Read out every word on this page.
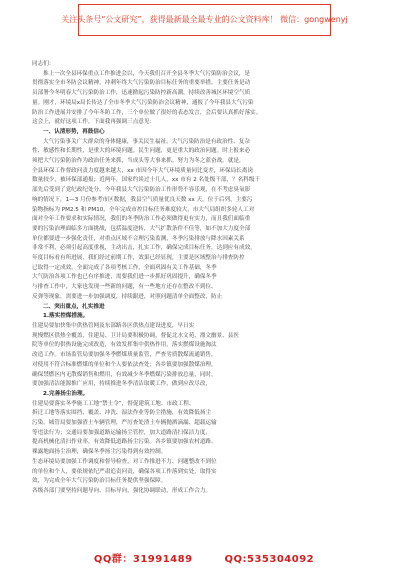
关注头条号“公文研究”，获得最新最全最专业的公文资料库！ 微信：gongwenyj
同志们：
推上一次全县环保重点工作推进会以，今天我们召开全县冬季大气污染防治会议，是
贯彻落实全市冬防会议精神，冲刺年终大气污染防治目标任务的重要举措，主要任务是动
员部署今冬明春大气污染防治工作，迅速掀起污染防控新高潮，持续改善城区环境空气质
量。刚才，环境局x局长传达了全市冬季大气污染防治会议精神，通报了今年我县大气污染
防治工作进展并安排了今年冬防工作，三个单位做了很好的表态发言，会后要认真抓好落实。
这会上，就好这项工作，下面我再强调三点意见：
一、认清形势，再鼓信心
大气污染事关广大群众的身体健康，事关民生福祉。大气污染防治是有政治性、复杂
性、敏感性和长期性，是重大的环境问题。民生问题，更是重大的政治问题。时上报来必
须把大气污染防治作为政治任务来抓，当成头等大事来抓。努力为冬之蓝奋战。就是，
全县环保工作督政问责力度越来越大，xx 市因今年大气环境质量同比变差，环保局长离岗
数量较少，被环保部通报；近两年，国家约谈过十几人，xx 市有 2 名处级干部，？名科级干
部先后受到了党纪政纪处分，今年我县大气污染防治工作形势不容乐观，在不考虑臭氧影
响的情况下，1—3 月份参考市区数据，我县空气质量优良天数 xx 天，位于后列，主要污
染物指标为 PM2.5 和 PM10，全年完成市控目标任务难度较大，市大气局组织多轮人工对
面对全年工作要求和实际情况，我们的冬季防治工作必须做得更有实力，而且我们面临重
要的污染治理面临多方面挑战，包括温度逆转，大气扩散条件不佳等，如不加大力度全部
单位都要进一步强化责任，对重点区域不合理污染监测，冬季污染排放与降水因素关系
非常不利，必须引起高度重视，主动出击，扎实工作，确保完成目标任务，达到应有成效。
年度目标看有所进展，我们经过前期工作，效果已经显现，主要是区域整治与排查防控
已取得一定成效，全面完成了各项考核工作，全面巩固有关工作基础，冬季
大气防治各项工作也已有序推进，需要我们进一步抓好巩固提升，确保冬季
与排查工作中，大家也发现一些新的问题，有一些地方还存在整改不到位、
反弹等现象，需要进一步加强调度，持续跟进，对照问题清单全面整改，防止
二、突出重点，扎实推进
1.落实控煤措施。
住建局要加快集中供热管网及东部路各区供热点建设进度，早日实
现慢燃区供热全覆盖，住建局、卫计局要积极协调，督促北水文苑、漂文幽景、县医
院等单位的供热设施完成改造，有效发挥集中供热作用，落实燃煤设施淘汰
改造工作。市场监管局要加强冬季燃煤质量监管，严查劣质散煤流通销售，
对使用不符合标准燃煤的单位和个人要依法查处；各乡镇要加强散煤治理，
确保禁燃区内无散煤销售和燃用，有效减少冬季燃煤污染排放总量，同时，
要加强清洁能源推广应用，持续推进冬季清洁取暖工作，做到应改尽改，
2.完善扬尘治理。
住建局要落实冬季施工工地“禁土令”，督促建筑工地、市政工程、
拆迁工地等落实围挡、覆盖、冲洗、湿法作业等防尘措施，有效降低扬尘
污染。城管局要加强渣土车辆管理，严厉查处渣土车辆抛洒滴漏、超载运输
等违法行为；交通局要加强道路运输扬尘管控，加大道路清扫保洁力度，
提高机械化清扫作业率，有效降低道路扬尘污染。各乡镇要加强农村道路、
裸露地面扬尘治理，确保冬季扬尘污染得到有效控制。
生态环境局要加强工作调度和督导检查，对工作推进不力、问题整改不到位
的单位和个人，要依规依纪严肃追责问责，确保各项工作落到实处，取得实
效，为完成全年大气污染防治目标任务提供坚强保障。
各级各部门要坚持问题导向、目标导向，强化协调联动，形成工作合力。
QQ群：31991489	QQ:535304092
